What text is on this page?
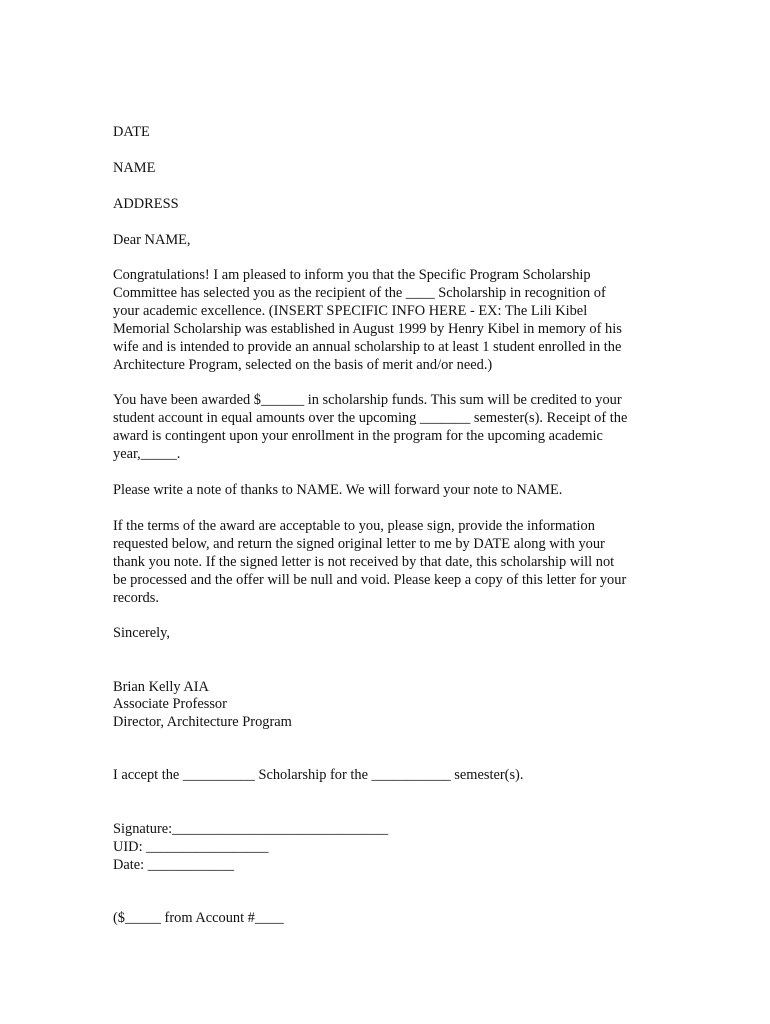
DATE

NAME

ADDRESS

Dear NAME,

Congratulations! I am pleased to inform you that the Specific Program Scholarship
Committee has selected you as the recipient of the ____ Scholarship in recognition of
your academic excellence. (INSERT SPECIFIC INFO HERE - EX: The Lili Kibel
Memorial Scholarship was established in August 1999 by Henry Kibel in memory of his
wife and is intended to provide an annual scholarship to at least 1 student enrolled in the
Architecture Program, selected on the basis of merit and/or need.)
You have been awarded $______ in scholarship funds. This sum will be credited to your
student account in equal amounts over the upcoming _______ semester(s). Receipt of the
award is contingent upon your enrollment in the program for the upcoming academic
year,_____.

Please write a note of thanks to NAME. We will forward your note to NAME.

If the terms of the award are acceptable to you, please sign, provide the information
requested below, and return the signed original letter to me by DATE along with your
thank you note. If the signed letter is not received by that date, this scholarship will not
be processed and the offer will be null and void. Please keep a copy of this letter for your
records.

Sincerely,

Brian Kelly AIA

Associate Professor

Director, Architecture Program

I accept the __________ Scholarship for the ___________ semester(s).

Signature:______________________________

UID: _________________

Date: ____________

($_____ from Account #____
